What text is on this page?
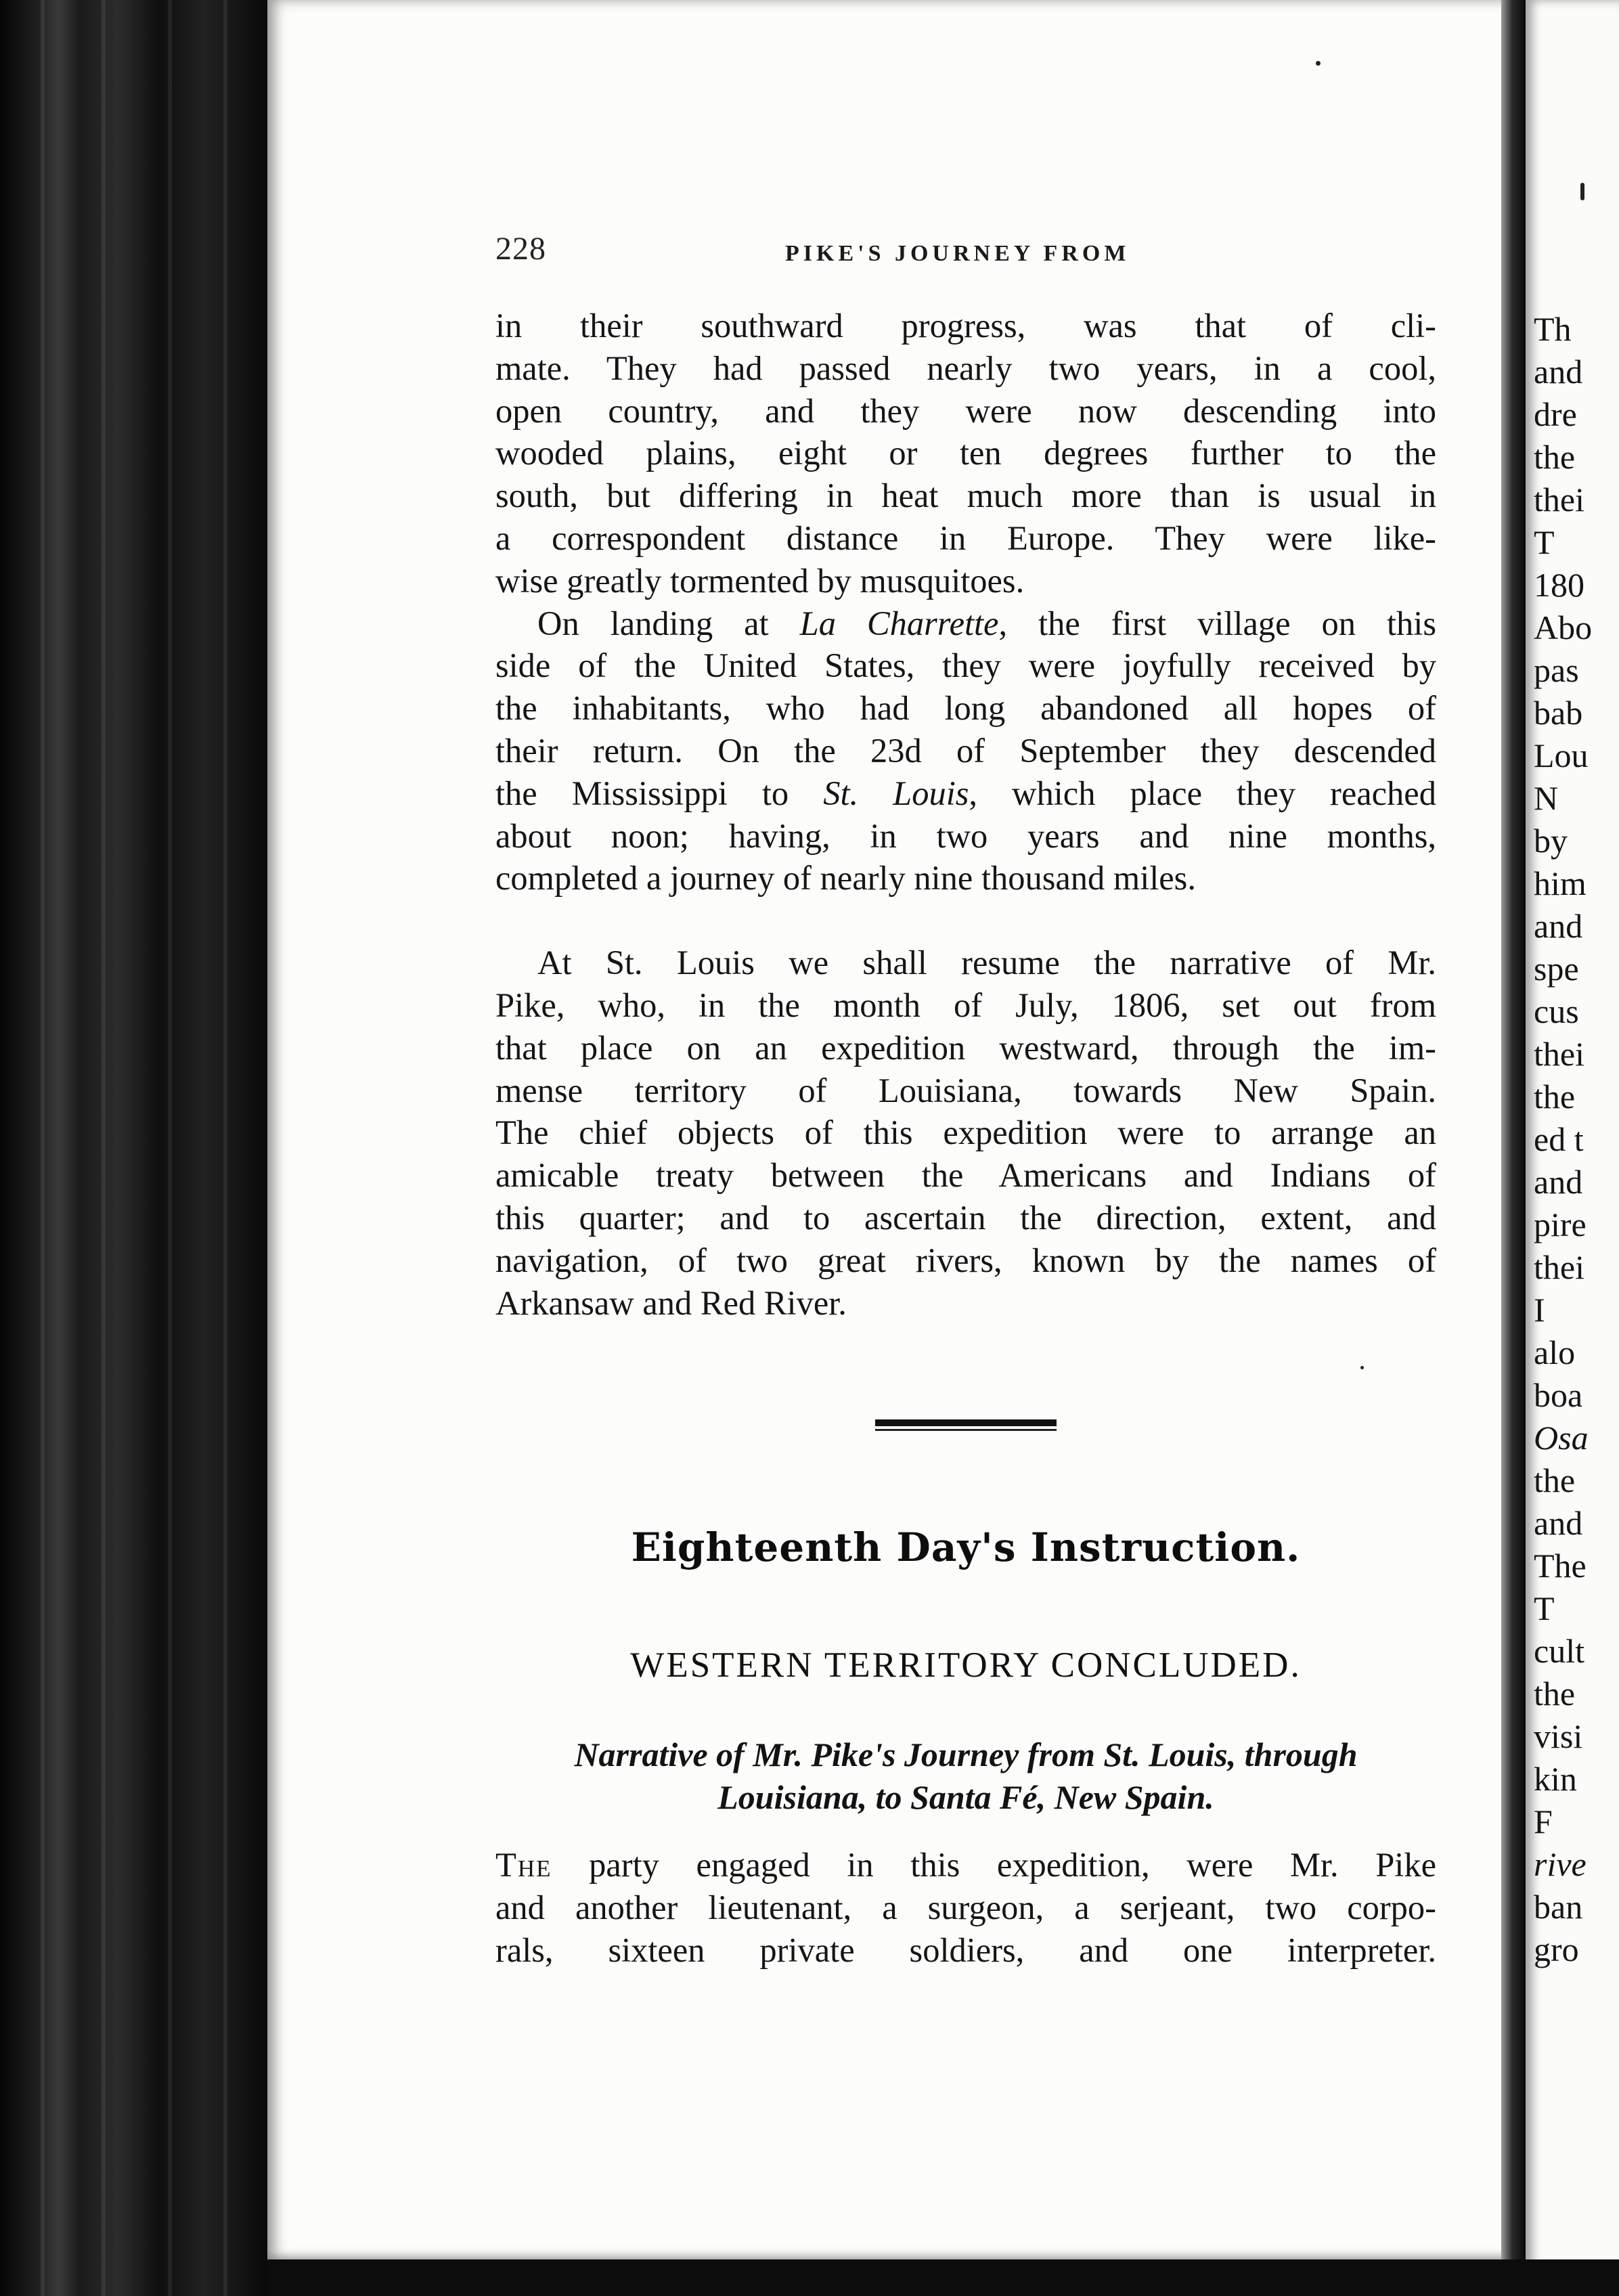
228	PIKE'S JOURNEY FROM
in their southward progress, was that of cli-
mate. They had passed nearly two years, in a cool,
open country, and they were now descending into
wooded plains, eight or ten degrees further to the
south, but differing in heat much more than is usual in
a correspondent distance in Europe. They were like-
wise greatly tormented by musquitoes.
On landing at La Charrette, the first village on this
side of the United States, they were joyfully received by
the inhabitants, who had long abandoned all hopes of
their return. On the 23d of September they descended
the Mississippi to St. Louis, which place they reached
about noon; having, in two years and nine months,
completed a journey of nearly nine thousand miles.
At St. Louis we shall resume the narrative of Mr.
Pike, who, in the month of July, 1806, set out from
that place on an expedition westward, through the im-
mense territory of Louisiana, towards New Spain.
The chief objects of this expedition were to arrange an
amicable treaty between the Americans and Indians of
this quarter; and to ascertain the direction, extent, and
navigation, of two great rivers, known by the names of
Arkansaw and Red River.
Eighteenth Day's Instruction.
WESTERN TERRITORY CONCLUDED.
Narrative of Mr. Pike's Journey from St. Louis, through
Louisiana, to Santa Fé, New Spain.
The party engaged in this expedition, were Mr. Pike
and another lieutenant, a surgeon, a serjeant, two corpo-
rals, sixteen private soldiers, and one interpreter.
Th
and
dre
the
thei
T
180
Abo
pas
bab
Lou
N
by
him
and
spe
cus
thei
the
ed t
and
pire
thei
I
alo
boa
Osa
the
and
The
T
cult
the
visi
kin
F
rive
ban
gro
